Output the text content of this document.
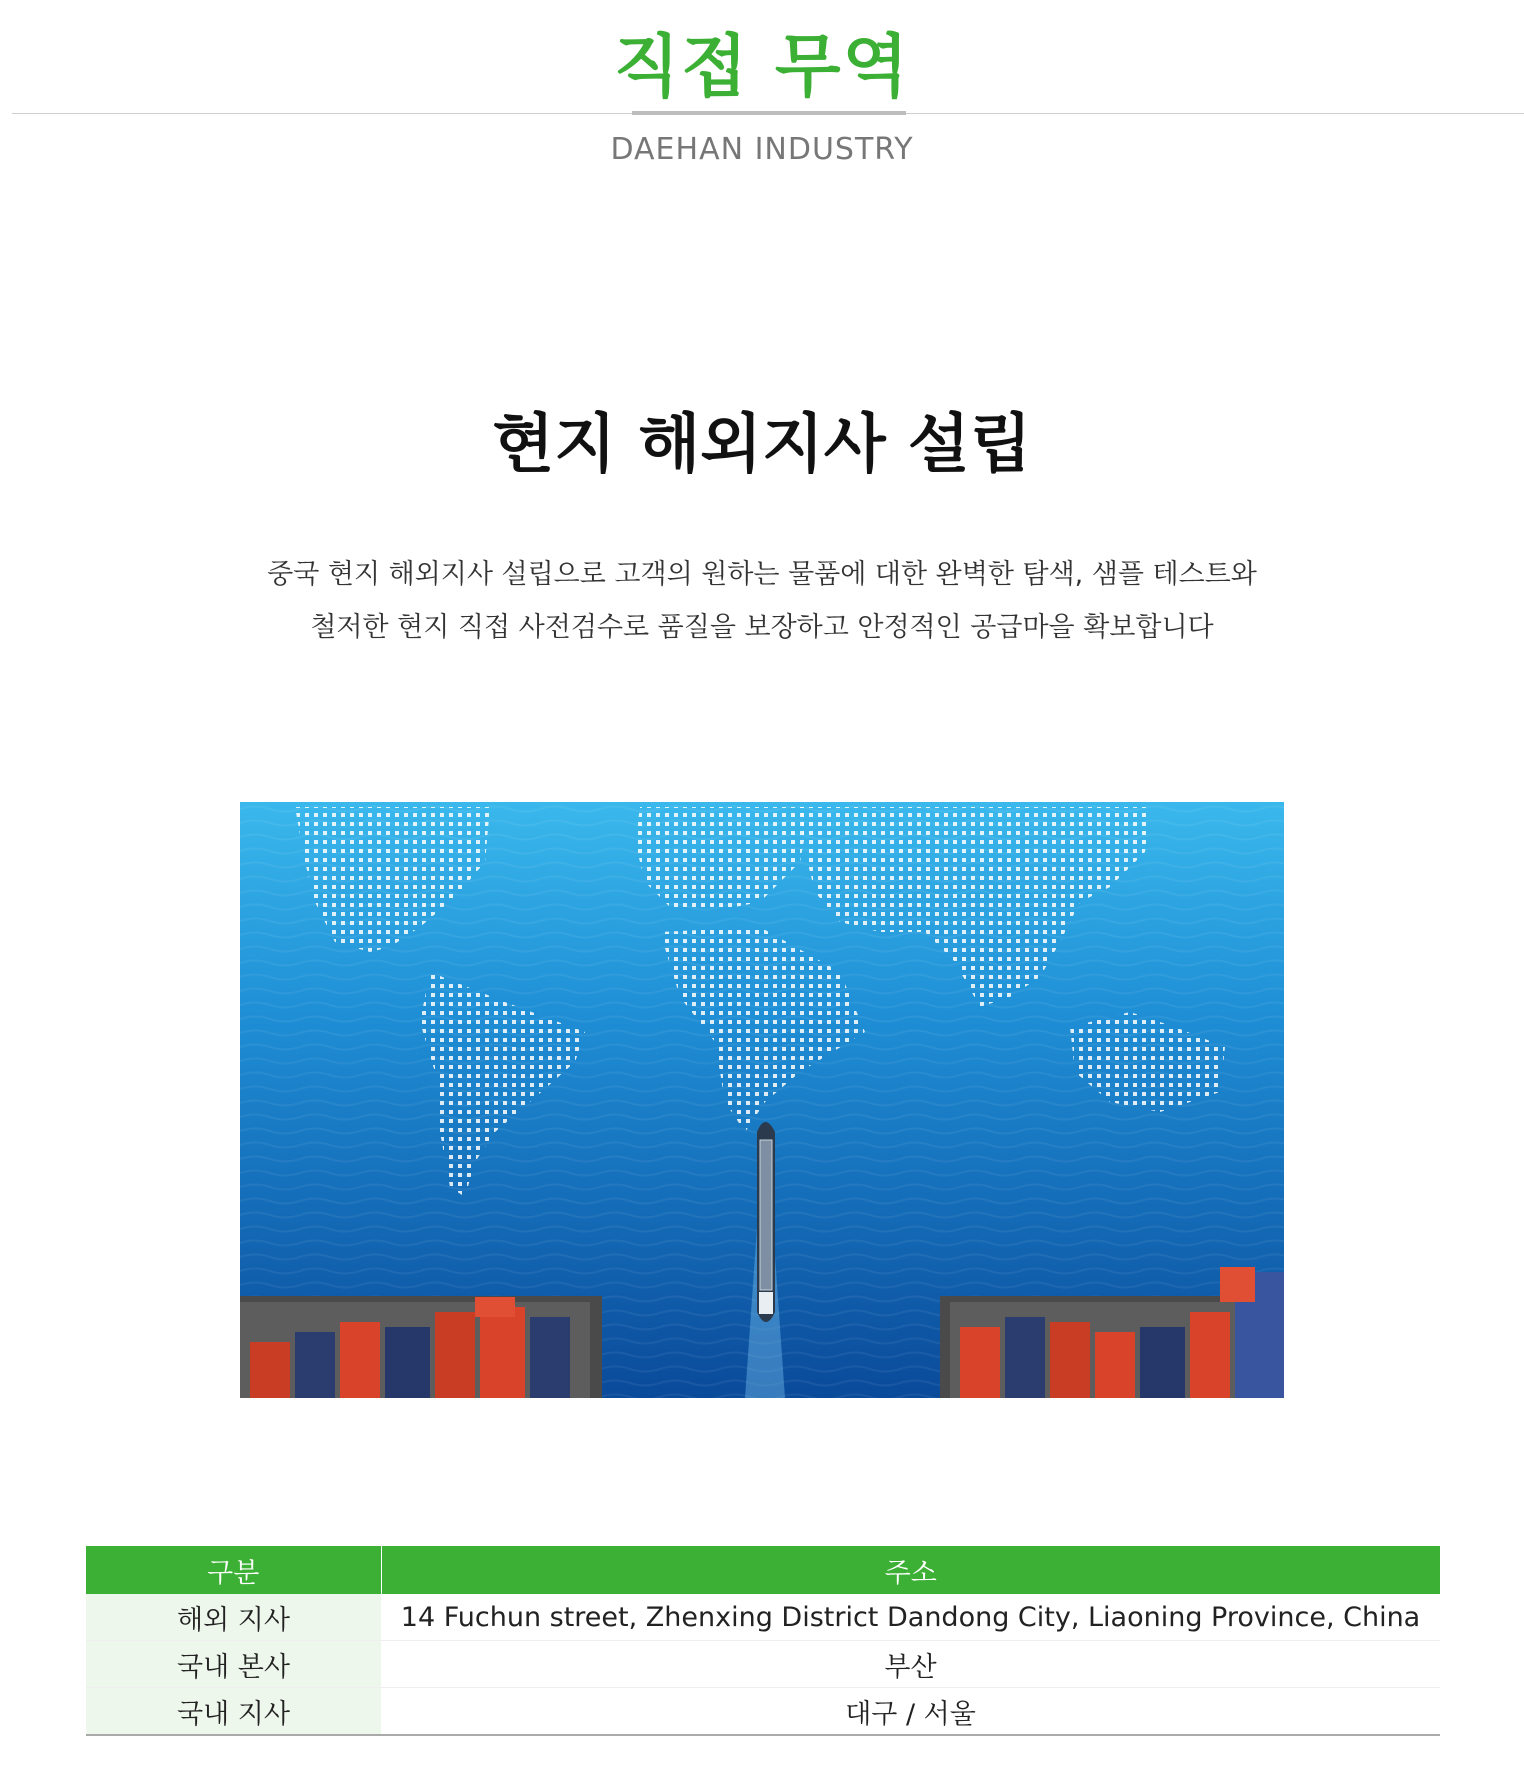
직접 무역
DAEHAN INDUSTRY
현지 해외지사 설립
중국 현지 해외지사 설립으로 고객의 원하는 물품에 대한 완벽한 탐색, 샘플 테스트와
철저한 현지 직접 사전검수로 품질을 보장하고 안정적인 공급마을 확보합니다
구분	주소
해외 지사	14 Fuchun street, Zhenxing District Dandong City, Liaoning Province, China
국내 본사	부산
국내 지사	대구 / 서울
